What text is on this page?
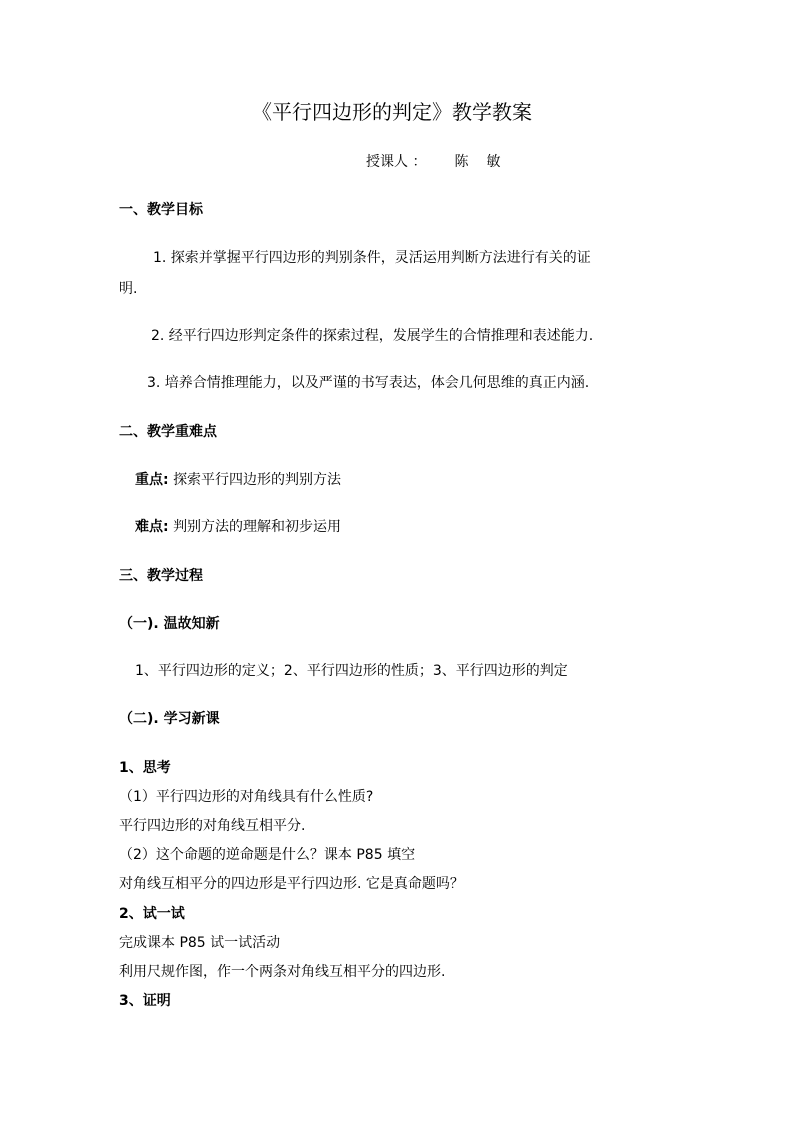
《平行四边形的判定》教学教案
授课人 ： 陈 敏
一、教学目标
1. 探索并掌握平行四边形的判别条件，灵活运用判断方法进行有关的证
明.
2. 经平行四边形判定条件的探索过程，发展学生的合情推理和表述能力.
3. 培养合情推理能力，以及严谨的书写表达，体会几何思维的真正内涵.
二、教学重难点
重点: 探索平行四边形的判别方法
难点: 判别方法的理解和初步运用
三、教学过程
（一). 温故知新
1、平行四边形的定义；2、平行四边形的性质；3、平行四边形的判定
（二). 学习新课
1、思考
（1）平行四边形的对角线具有什么性质?
平行四边形的对角线互相平分.
（2）这个命题的逆命题是什么？课本 P85 填空
对角线互相平分的四边形是平行四边形. 它是真命题吗？
2、试一试
完成课本 P85 试一试活动
利用尺规作图，作一个两条对角线互相平分的四边形.
3、证明
